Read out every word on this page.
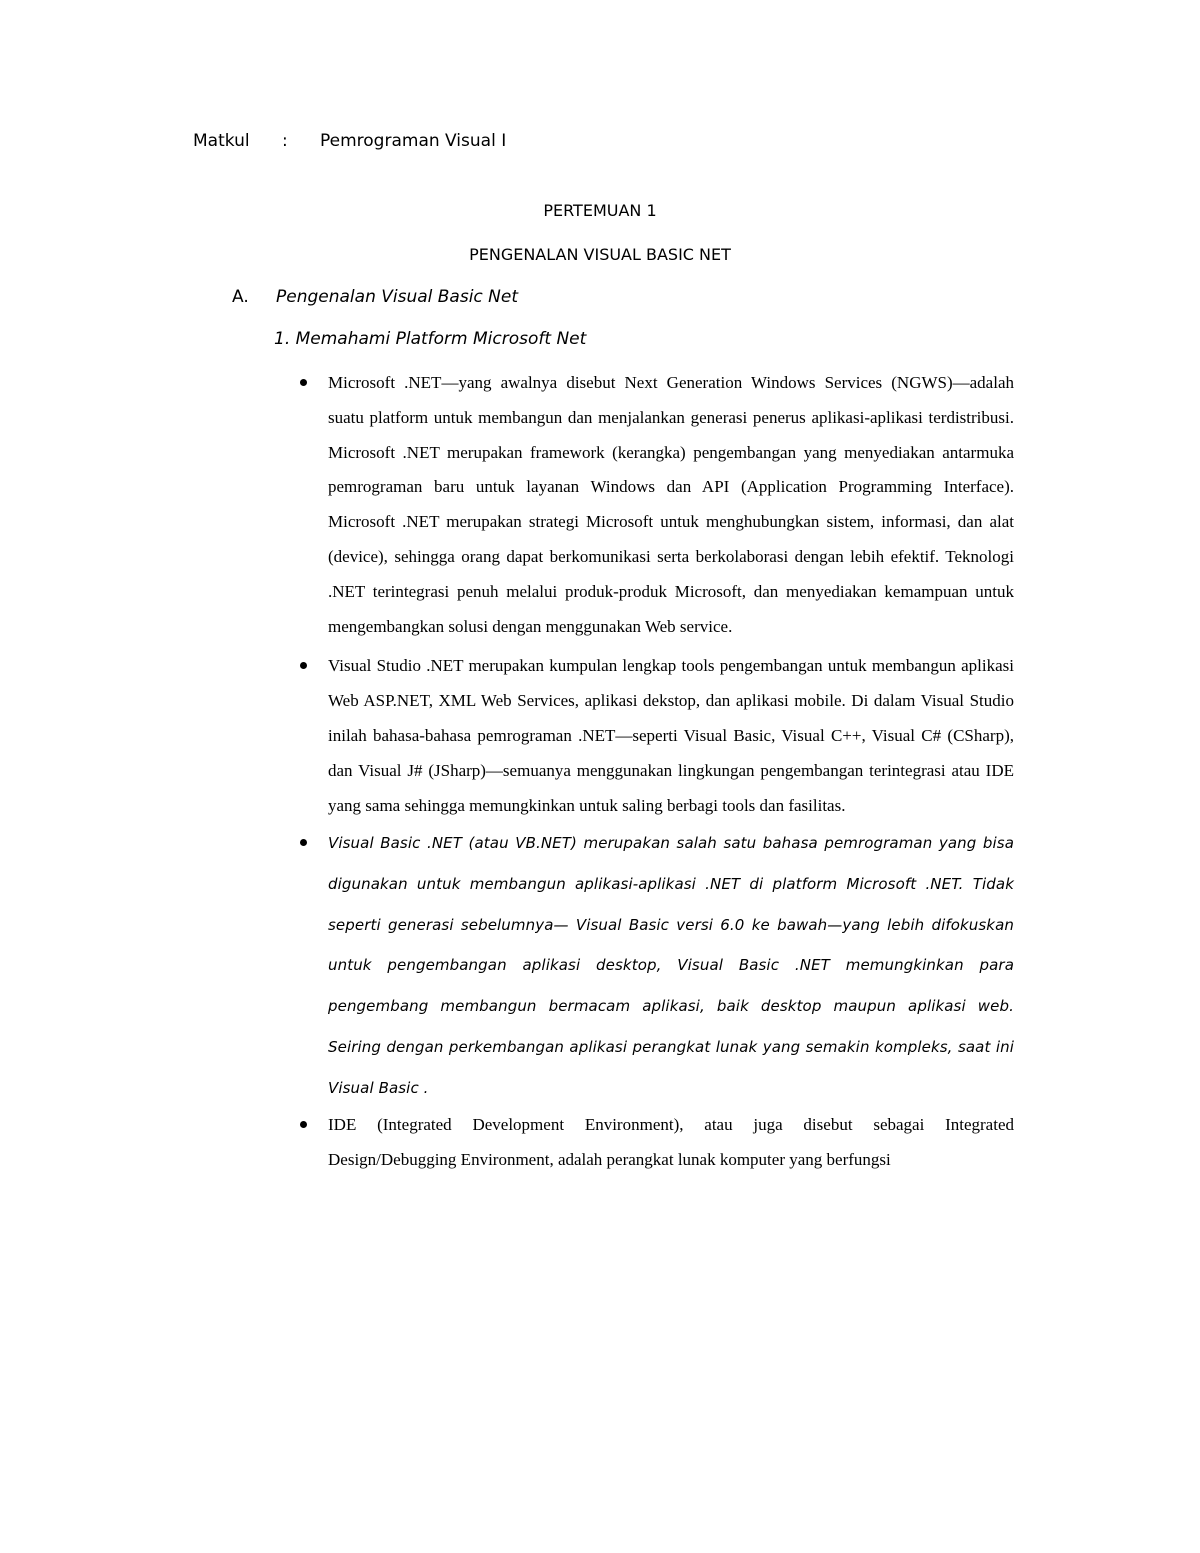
Matkul : Pemrograman Visual I
PERTEMUAN 1
PENGENALAN VISUAL BASIC NET
A. Pengenalan Visual Basic Net
1. Memahami Platform Microsoft Net
Microsoft .NET—yang awalnya disebut Next Generation Windows Services (NGWS)—adalah suatu platform untuk membangun dan menjalankan generasi penerus aplikasi-aplikasi terdistribusi. Microsoft .NET merupakan framework (kerangka) pengembangan yang menyediakan antarmuka pemrograman baru untuk layanan Windows dan API (Application Programming Interface). Microsoft .NET merupakan strategi Microsoft untuk menghubungkan sistem, informasi, dan alat (device), sehingga orang dapat berkomunikasi serta berkolaborasi dengan lebih efektif. Teknologi .NET terintegrasi penuh melalui produk-produk Microsoft, dan menyediakan kemampuan untuk mengembangkan solusi dengan menggunakan Web service.
Visual Studio .NET merupakan kumpulan lengkap tools pengembangan untuk membangun aplikasi Web ASP.NET, XML Web Services, aplikasi dekstop, dan aplikasi mobile. Di dalam Visual Studio inilah bahasa-bahasa pemrograman .NET—seperti Visual Basic, Visual C++, Visual C# (CSharp), dan Visual J# (JSharp)—semuanya menggunakan lingkungan pengembangan terintegrasi atau IDE yang sama sehingga memungkinkan untuk saling berbagi tools dan fasilitas.
Visual Basic .NET (atau VB.NET) merupakan salah satu bahasa pemrograman yang bisa digunakan untuk membangun aplikasi-aplikasi .NET di platform Microsoft .NET. Tidak seperti generasi sebelumnya— Visual Basic versi 6.0 ke bawah—yang lebih difokuskan untuk pengembangan aplikasi desktop, Visual Basic .NET memungkinkan para pengembang membangun bermacam aplikasi, baik desktop maupun aplikasi web. Seiring dengan perkembangan aplikasi perangkat lunak yang semakin kompleks, saat ini Visual Basic .
IDE (Integrated Development Environment), atau juga disebut sebagai Integrated Design/Debugging Environment, adalah perangkat lunak komputer yang berfungsi
